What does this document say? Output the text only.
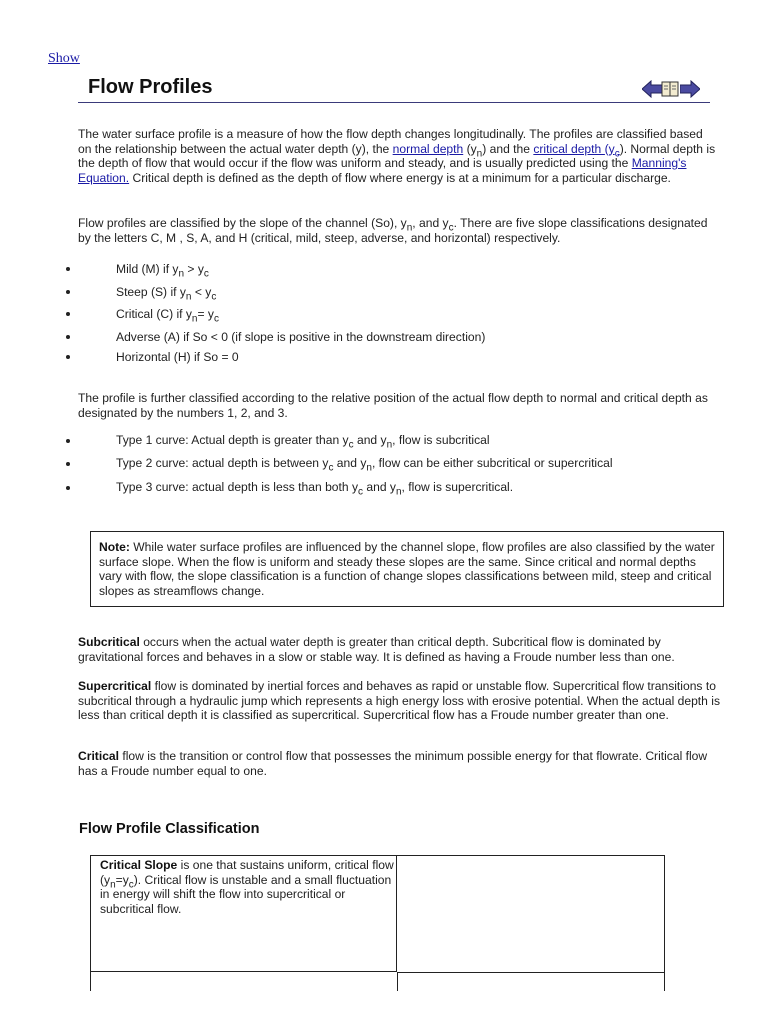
Show
Flow Profiles

The water surface profile is a measure of how the flow depth changes longitudinally. The profiles are classified based on the relationship between the actual water depth (y), the normal depth $(y_n)$ and the critical depth $(y_c)$. Normal depth is the depth of flow that would occur if the flow was uniform and steady, and is usually predicted using the Manning's Equation. Critical depth is defined as the depth of flow where energy is at a minimum for a particular discharge.

Flow profiles are classified by the slope of the channel (So), $y_n$, and $y_c$. There are five slope classifications designated by the letters C, M , S, A, and H (critical, mild, steep, adverse, and horizontal) respectively.

Mild (M) if $y_n > y_c$

Steep (S) if $y_n < y_c$

Critical (C) if $y_n= y_c$

Adverse (A) if So < 0 (if slope is positive in the downstream direction)

Horizontal (H) if So = 0

The profile is further classified according to the relative position of the actual flow depth to normal and critical depth as designated by the numbers 1, 2, and 3.

Type 1 curve: Actual depth is greater than $y_c$ and $y_n$, flow is subcritical

Type 2 curve: actual depth is between $y_c$ and $y_n$, flow can be either subcritical or supercritical

Type 3 curve: actual depth is less than both $y_c$ and $y_n$, flow is supercritical.

Note: While water surface profiles are influenced by the channel slope, flow profiles are also classified by the water surface slope. When the flow is uniform and steady these slopes are the same. Since critical and normal depths vary with flow, the slope classification is a function of change slopes classifications between mild, steep and critical slopes as streamflows change.

Subcritical occurs when the actual water depth is greater than critical depth. Subcritical flow is dominated by gravitational forces and behaves in a slow or stable way. It is defined as having a Froude number less than one.

Supercritical flow is dominated by inertial forces and behaves as rapid or unstable flow. Supercritical flow transitions to subcritical through a hydraulic jump which represents a high energy loss with erosive potential. When the actual depth is less than critical depth it is classified as supercritical. Supercritical flow has a Froude number greater than one.

Critical flow is the transition or control flow that possesses the minimum possible energy for that flowrate. Critical flow has a Froude number equal to one.

Flow Profile Classification
Critical Slope is one that sustains uniform, critical flow $(y_n=y_c)$. Critical flow is unstable and a small fluctuation in energy will shift the flow into supercritical or subcritical flow.
